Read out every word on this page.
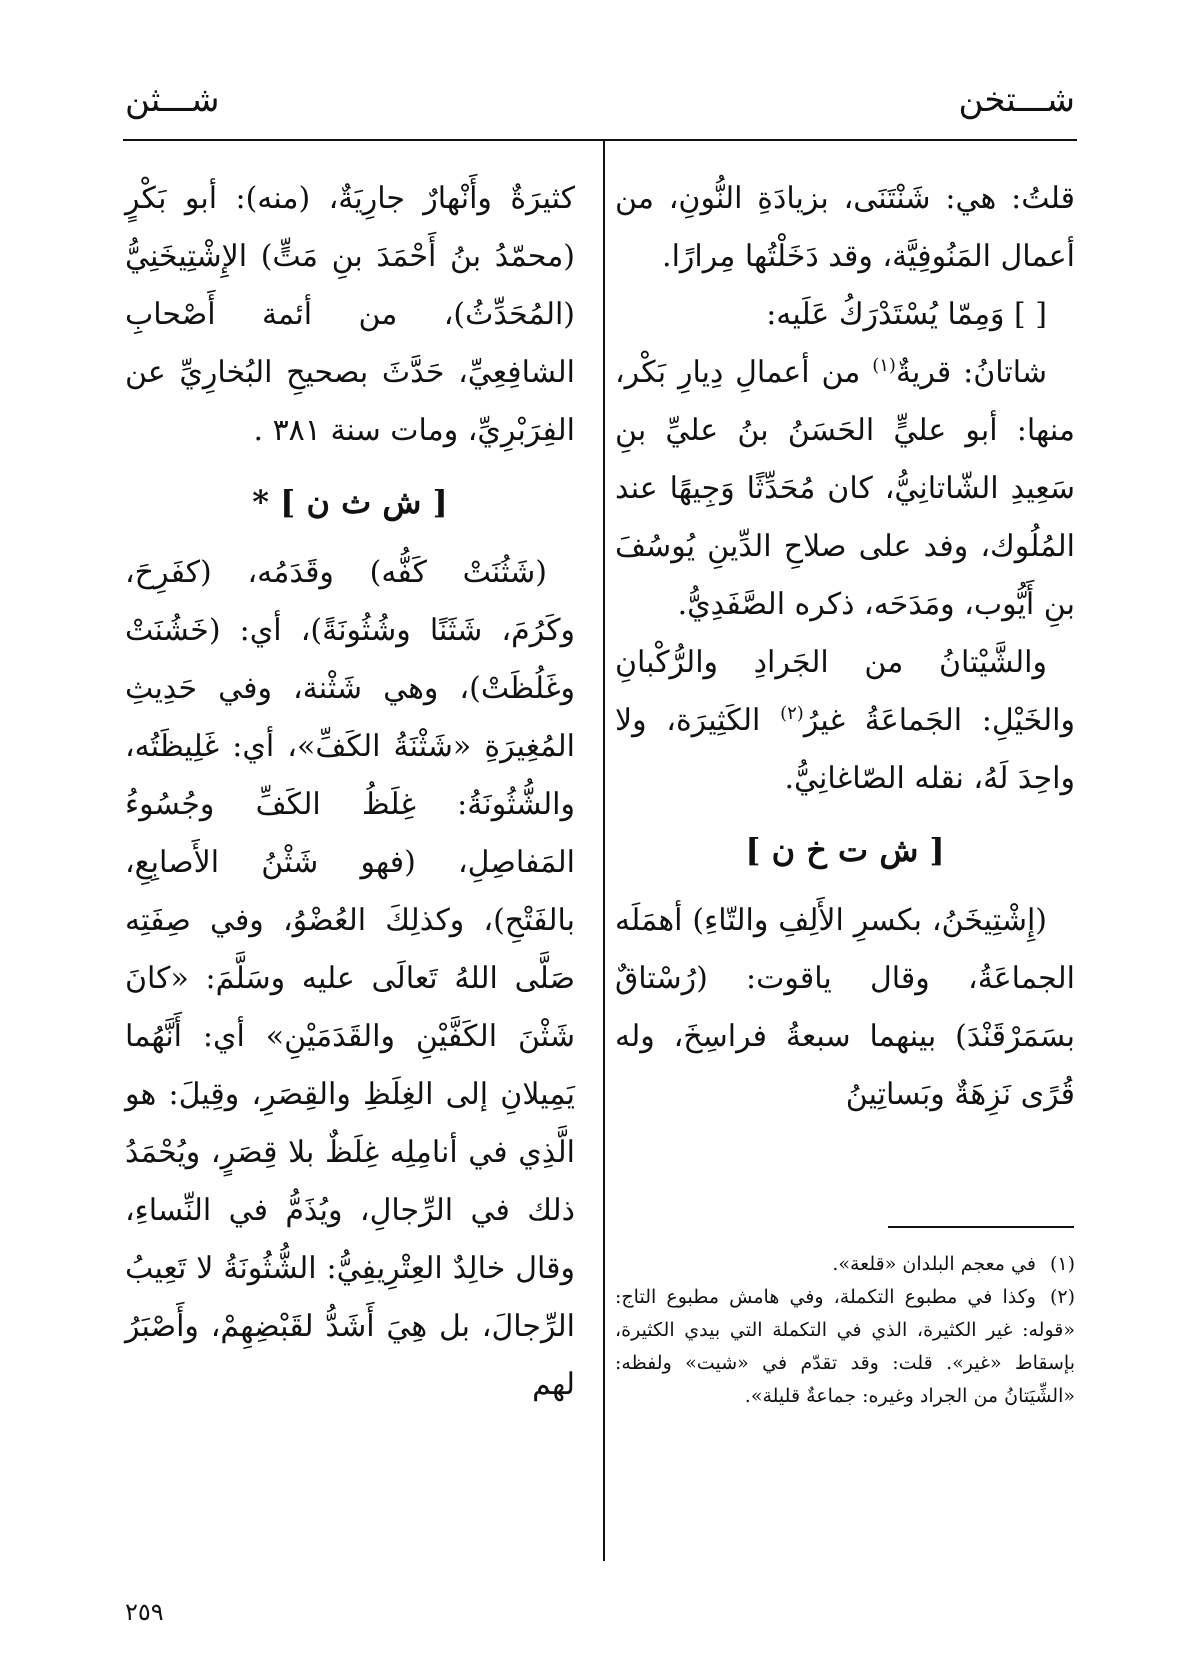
شـــثن	شـــتخن

قلتُ: هي: شَنْتَنَى، بزيادَةِ النُّونِ، من أعمال المَنُوفِيَّة، وقد دَخَلْتُها مِرارًا.

[ ] وَمِمّا يُسْتَدْرَكُ عَلَيه:

شاتانُ: قريةٌ$^{(١)}$ من أعمالِ دِيارِ بَكْر، منها: أبو عليٍّ الحَسَنُ بنُ عليِّ بنِ سَعِيدِ الشّاتانِيُّ، كان مُحَدِّثًا وَجِيهًا عند المُلُوك، وفد على صلاحِ الدِّينِ يُوسُفَ بنِ أَيُّوب، ومَدَحَه، ذكره الصَّفَدِيُّ.

والشَّيْتانُ من الجَرادِ والرُّكْبانِ والخَيْلِ: الجَماعَةُ غيرُ$^{(٢)}$ الكَثِيرَة، ولا واحِدَ لَهُ، نقله الصّاغانِيُّ.

[ ش ت خ ن ]

(إِشْتِيخَنُ، بكسرِ الأَلِفِ والتّاءِ) أهمَلَه الجماعَةُ، وقال ياقوت: (رُسْتاقٌ بسَمَرْقَنْدَ) بينهما سبعةُ فراسِخَ، وله قُرًى نَزِهَةٌ وبَساتِينُ

كثيرَةٌ وأَنْهارٌ جارِيَةٌ، (منه): أبو بَكْرٍ (محمّدُ بنُ أَحْمَدَ بنِ مَتٍّ) الإِشْتِيخَنِيُّ (المُحَدِّثُ)، من أئمة أَصْحابِ الشافِعِيِّ، حَدَّثَ بصحيحِ البُخارِيِّ عن الفِرَبْرِيِّ، ومات سنة ٣٨١ .

[ ش ث ن ] *

(شَثُنَتْ كَفُّه) وقَدَمُه، (كفَرِحَ، وكَرُمَ، شَثَنًا وشُثُونَةً)، أي: (خَشُنَتْ وغَلُظَتْ)، وهي شَثْنة، وفي حَدِيثِ المُغِيرَةِ «شَثْنَةُ الكَفِّ»، أي: غَلِيظَتُه، والشُّثُونَةُ: غِلَظُ الكَفِّ وجُسُوءُ المَفاصِلِ، (فهو شَثْنُ الأَصابِعِ، بالفَتْحِ)، وكذلِكَ العُضْوُ، وفي صِفَتِه صَلَّى اللهُ تَعالَى عليه وسَلَّمَ: «كانَ شَثْنَ الكَفَّيْنِ والقَدَمَيْنِ» أي: أَنَّهُما يَمِيلانِ إلى الغِلَظِ والقِصَرِ، وقِيلَ: هو الَّذِي في أنامِلِه غِلَظٌ بلا قِصَرٍ، ويُحْمَدُ ذلك في الرِّجالِ، ويُذَمُّ في النِّساءِ، وقال خالِدٌ العِتْرِيفِيُّ: الشُّثُونَةُ لا تَعِيبُ الرِّجالَ، بل هِيَ أَشَدُّ لقَبْضِهِمْ، وأَصْبَرُ لهم

(١)في معجم البلدان «قلعة».

(٢)وكذا في مطبوع التكملة، وفي هامش مطبوع التاج: «قوله: غير الكثيرة، الذي في التكملة التي بيدي الكثيرة، بإسقاط «غير». قلت: وقد تقدّم في «شيت» ولفظه: «الشِّيَتانُ من الجراد وغيره: جماعةٌ قليلة».

٢٥٩
